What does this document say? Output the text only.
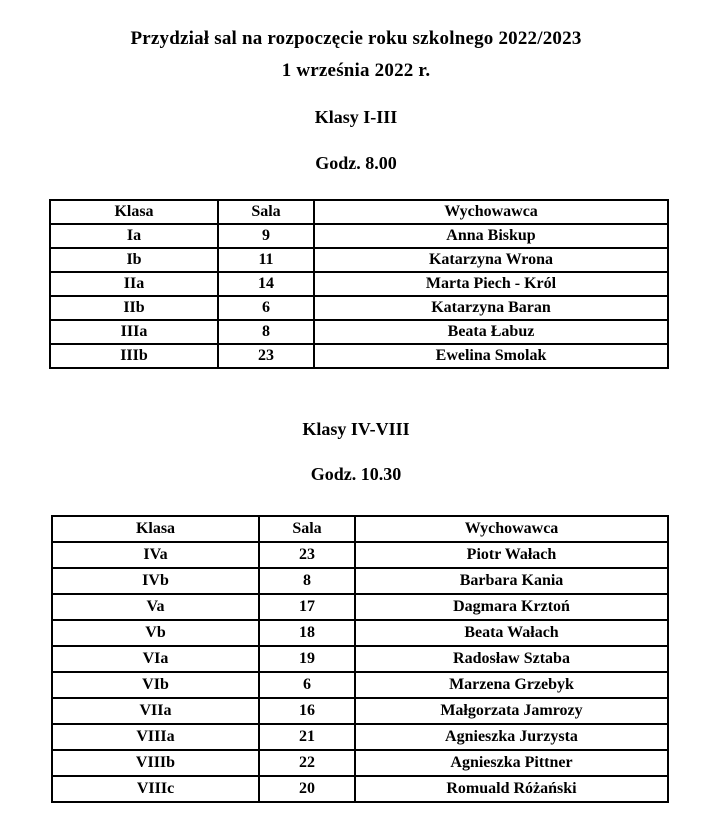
Przydział sal na rozpoczęcie roku szkolnego 2022/2023
1 września 2022 r.
Klasy I-III
Godz. 8.00
Klasa	Sala	Wychowawca
Ia	9	Anna Biskup
Ib	11	Katarzyna Wrona
IIa	14	Marta Piech - Król
IIb	6	Katarzyna Baran
IIIa	8	Beata Łabuz
IIIb	23	Ewelina Smolak
Klasy IV-VIII
Godz. 10.30
Klasa	Sala	Wychowawca
IVa	23	Piotr Wałach
IVb	8	Barbara Kania
Va	17	Dagmara Krztoń
Vb	18	Beata Wałach
VIa	19	Radosław Sztaba
VIb	6	Marzena Grzebyk
VIIa	16	Małgorzata Jamrozy
VIIIa	21	Agnieszka Jurzysta
VIIIb	22	Agnieszka Pittner
VIIIc	20	Romuald Różański
